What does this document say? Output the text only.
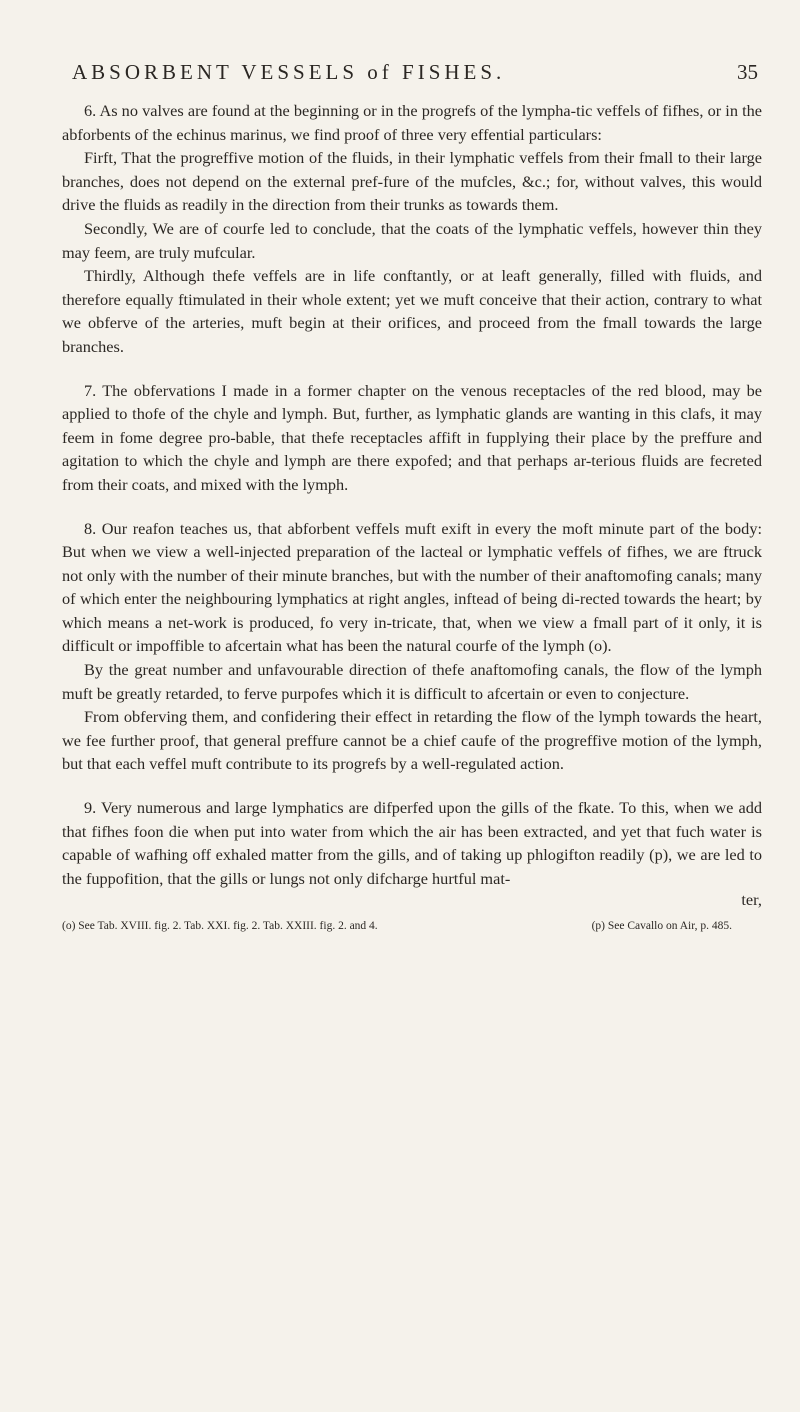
ABSORBENT VESSELS of FISHES.	35

6. As no valves are found at the beginning or in the progrefs of the lympha-tic veffels of fifhes, or in the abforbents of the echinus marinus, we find proof of three very effential particulars:

Firft, That the progreffive motion of the fluids, in their lymphatic veffels from their fmall to their large branches, does not depend on the external pref-fure of the mufcles, &c.; for, without valves, this would drive the fluids as readily in the direction from their trunks as towards them.

Secondly, We are of courfe led to conclude, that the coats of the lymphatic veffels, however thin they may feem, are truly mufcular.

Thirdly, Although thefe veffels are in life conftantly, or at leaft generally, filled with fluids, and therefore equally ftimulated in their whole extent; yet we muft conceive that their action, contrary to what we obferve of the arteries, muft begin at their orifices, and proceed from the fmall towards the large branches.

7. The obfervations I made in a former chapter on the venous receptacles of the red blood, may be applied to thofe of the chyle and lymph. But, further, as lymphatic glands are wanting in this clafs, it may feem in fome degree pro-bable, that thefe receptacles affift in fupplying their place by the preffure and agitation to which the chyle and lymph are there expofed; and that perhaps ar-terious fluids are fecreted from their coats, and mixed with the lymph.

8. Our reafon teaches us, that abforbent veffels muft exift in every the moft minute part of the body: But when we view a well-injected preparation of the lacteal or lymphatic veffels of fifhes, we are ftruck not only with the number of their minute branches, but with the number of their anaftomofing canals; many of which enter the neighbouring lymphatics at right angles, inftead of being di-rected towards the heart; by which means a net-work is produced, fo very in-tricate, that, when we view a fmall part of it only, it is difficult or impoffible to afcertain what has been the natural courfe of the lymph (o).

By the great number and unfavourable direction of thefe anaftomofing canals, the flow of the lymph muft be greatly retarded, to ferve purpofes which it is difficult to afcertain or even to conjecture.

From obferving them, and confidering their effect in retarding the flow of the lymph towards the heart, we fee further proof, that general preffure cannot be a chief caufe of the progreffive motion of the lymph, but that each veffel muft contribute to its progrefs by a well-regulated action.

9. Very numerous and large lymphatics are difperfed upon the gills of the fkate. To this, when we add that fifhes foon die when put into water from which the air has been extracted, and yet that fuch water is capable of wafhing off exhaled matter from the gills, and of taking up phlogifton readily (p), we are led to the fuppofition, that the gills or lungs not only difcharge hurtful mat-

ter,
(o) See Tab. XVIII. fig. 2. Tab. XXI. fig. 2. Tab. XXIII. fig. 2. and 4.	(p) See Cavallo on Air, p. 485.
